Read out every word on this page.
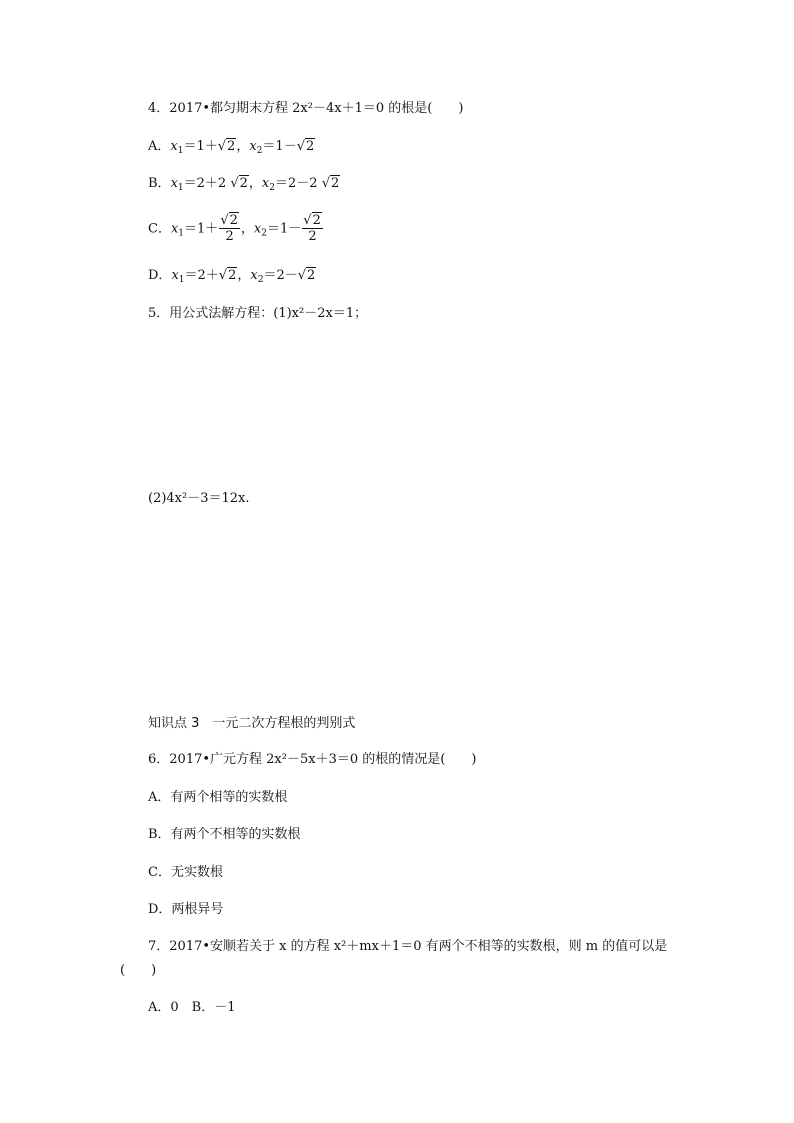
4．2017•都匀期末方程 2x²－4x＋1＝0 的根是(　　)
A．$x_1=1+√2$，$x_2=1-√2$
B．$x_1=2+2$ √2，$x_2=2-2$ √2
C．$x_1=1+ \frac{√2}{2}$ ，$x_2=1- \frac{√2}{2}$
D．$x_1=2+√2$，$x_2=2-√2$
5．用公式法解方程：(1)x²－2x＝1；
(2)4x²－3＝12x.
知识点 3　一元二次方程根的判别式
6．2017•广元方程 2x²－5x＋3＝0 的根的情况是(　　)
A．有两个相等的实数根
B．有两个不相等的实数根
C．无实数根
D．两根异号
7．2017•安顺若关于 x 的方程 x²＋mx＋1＝0 有两个不相等的实数根，则 m 的值可以是
(　　)
A．0　B．－1
